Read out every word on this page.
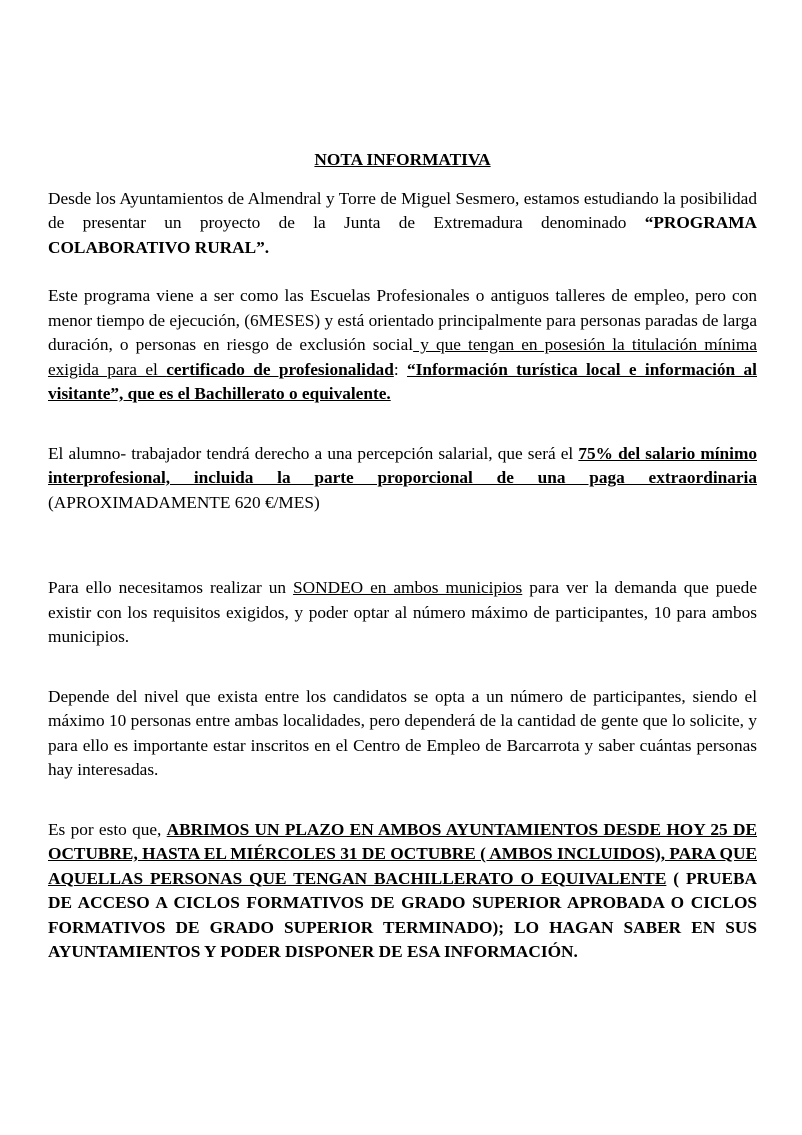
NOTA INFORMATIVA

Desde los Ayuntamientos de Almendral y Torre de Miguel Sesmero, estamos estudiando la posibilidad de presentar un proyecto de la Junta de Extremadura denominado “PROGRAMA COLABORATIVO RURAL”.

Este programa viene a ser como las Escuelas Profesionales o antiguos talleres de empleo, pero con menor tiempo de ejecución, (6MESES) y está orientado principalmente para personas paradas de larga duración, o personas en riesgo de exclusión social y que tengan en posesión la titulación mínima exigida para el certificado de profesionalidad: “Información turística local e información al visitante”, que es el Bachillerato o equivalente.

El alumno- trabajador tendrá derecho a una percepción salarial, que será el 75% del salario mínimo interprofesional, incluida la parte proporcional de una paga extraordinaria (APROXIMADAMENTE 620 €/MES)

Para ello necesitamos realizar un SONDEO en ambos municipios para ver la demanda que puede existir con los requisitos exigidos, y poder optar al número máximo de participantes, 10 para ambos municipios.

Depende del nivel que exista entre los candidatos se opta a un número de participantes, siendo el máximo 10 personas entre ambas localidades, pero dependerá de la cantidad de gente que lo solicite, y para ello es importante estar inscritos en el Centro de Empleo de Barcarrota y saber cuántas personas hay interesadas.

Es por esto que, ABRIMOS UN PLAZO EN AMBOS AYUNTAMIENTOS DESDE HOY 25 DE OCTUBRE, HASTA EL MIÉRCOLES 31 DE OCTUBRE ( AMBOS INCLUIDOS), PARA QUE AQUELLAS PERSONAS QUE TENGAN BACHILLERATO O EQUIVALENTE ( PRUEBA DE ACCESO A CICLOS FORMATIVOS DE GRADO SUPERIOR APROBADA O CICLOS FORMATIVOS DE GRADO SUPERIOR TERMINADO); LO HAGAN SABER EN SUS AYUNTAMIENTOS Y PODER DISPONER DE ESA INFORMACIÓN.
